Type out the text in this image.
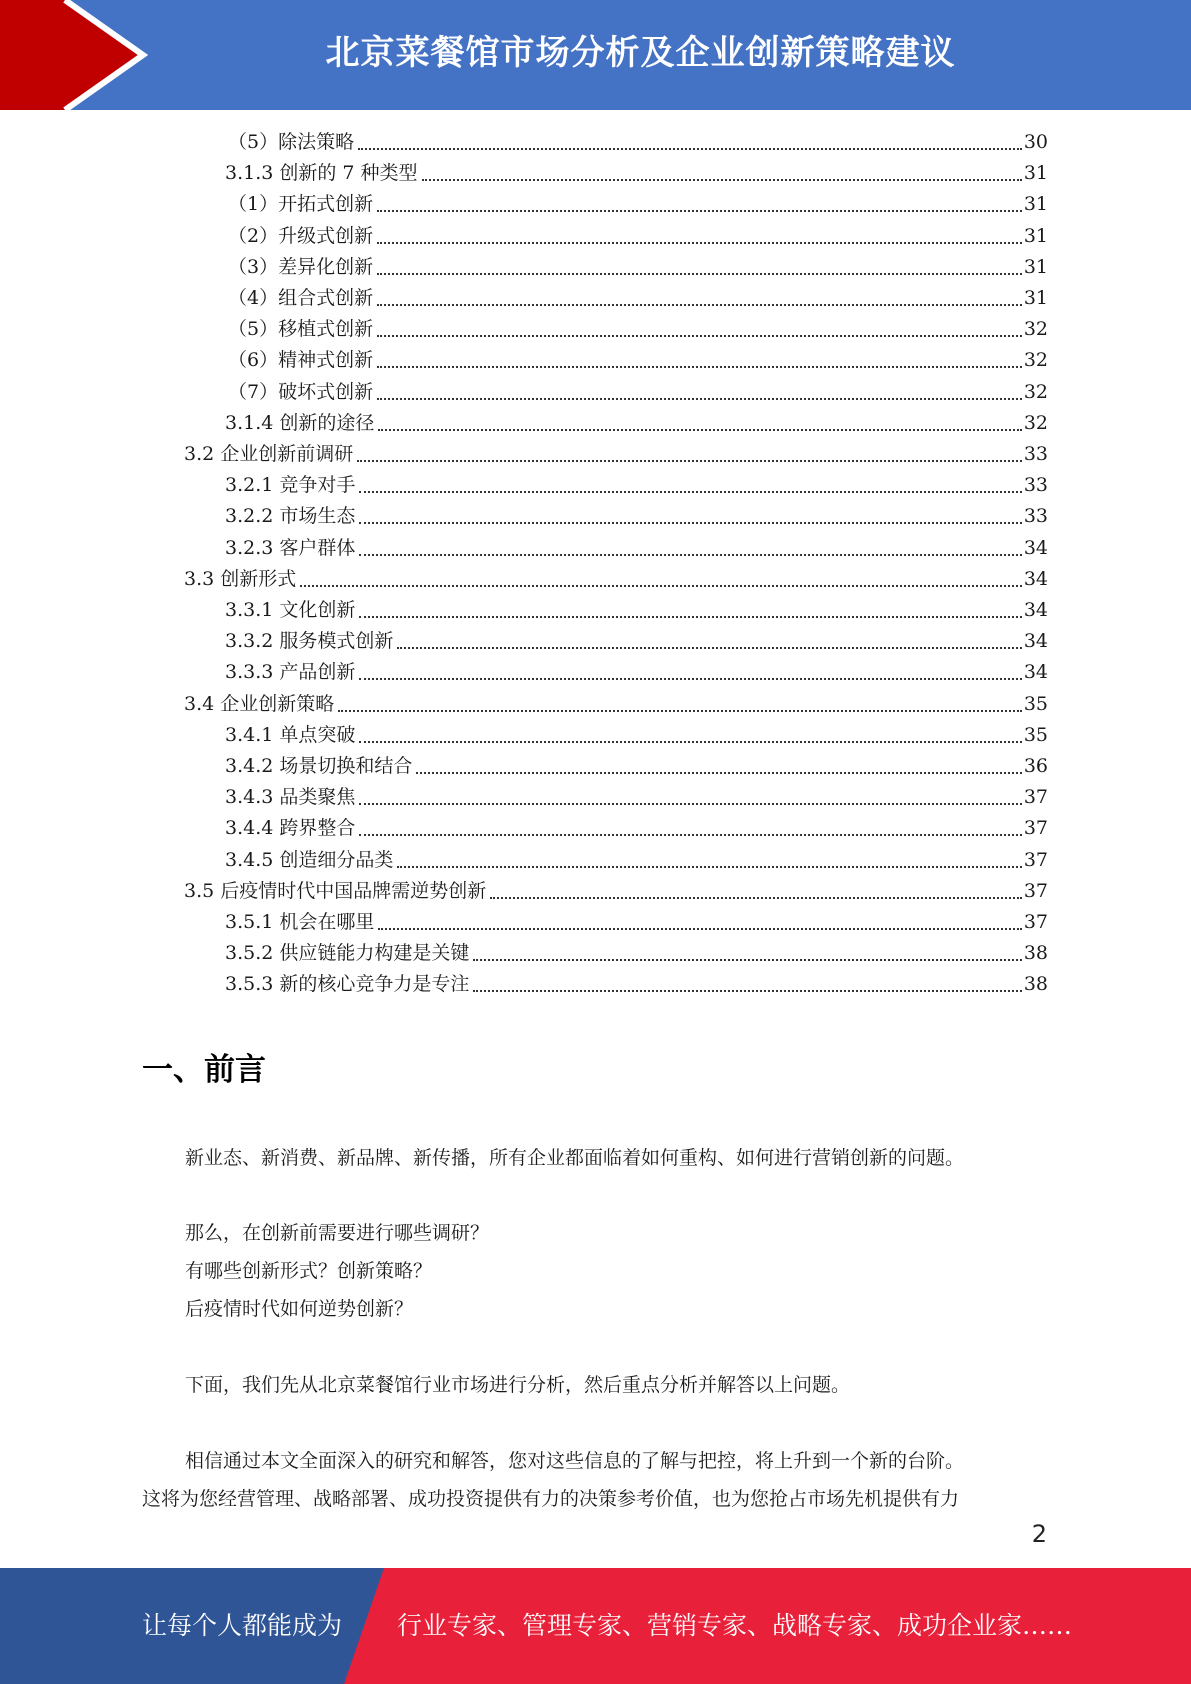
北京菜餐馆市场分析及企业创新策略建议
（5）除法策略	30
3.1.3 创新的 7 种类型	31
（1）开拓式创新	31
（2）升级式创新	31
（3）差异化创新	31
（4）组合式创新	31
（5）移植式创新	32
（6）精神式创新	32
（7）破坏式创新	32
3.1.4 创新的途径	32
3.2 企业创新前调研	33
3.2.1 竞争对手	33
3.2.2 市场生态	33
3.2.3 客户群体	34
3.3 创新形式	34
3.3.1 文化创新	34
3.3.2 服务模式创新	34
3.3.3 产品创新	34
3.4 企业创新策略	35
3.4.1 单点突破	35
3.4.2 场景切换和结合	36
3.4.3 品类聚焦	37
3.4.4 跨界整合	37
3.4.5 创造细分品类	37
3.5 后疫情时代中国品牌需逆势创新	37
3.5.1 机会在哪里	37
3.5.2 供应链能力构建是关键	38
3.5.3 新的核心竞争力是专注	38
一、前言
新业态、新消费、新品牌、新传播，所有企业都面临着如何重构、如何进行营销创新的问题。
那么，在创新前需要进行哪些调研？
有哪些创新形式？创新策略？
后疫情时代如何逆势创新？
下面，我们先从北京菜餐馆行业市场进行分析，然后重点分析并解答以上问题。
相信通过本文全面深入的研究和解答，您对这些信息的了解与把控，将上升到一个新的台阶。
这将为您经营管理、战略部署、成功投资提供有力的决策参考价值，也为您抢占市场先机提供有力
2
让每个人都能成为 行业专家、管理专家、营销专家、战略专家、成功企业家……
